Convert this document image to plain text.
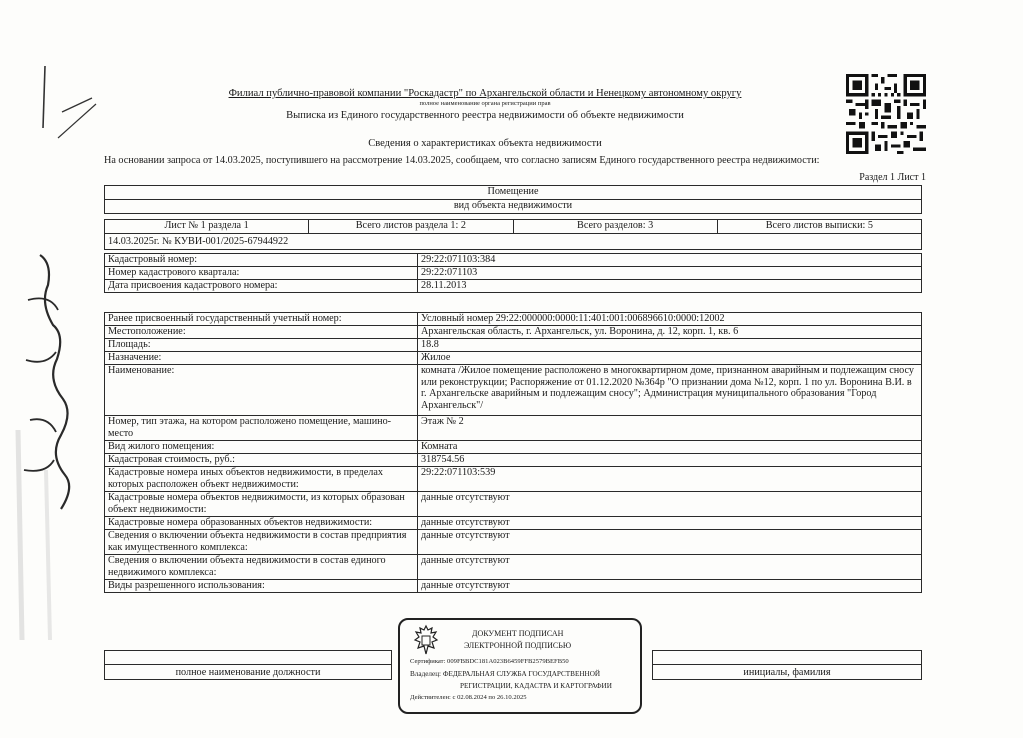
Филиал публично-правовой компании "Роскадастр" по Архангельской области и Ненецкому автономному округу
полное наименование органа регистрации прав
Выписка из Единого государственного реестра недвижимости об объекте недвижимости
Сведения о характеристиках объекта недвижимости
На основании запроса от 14.03.2025, поступившего на рассмотрение 14.03.2025, сообщаем, что согласно записям Единого государственного реестра недвижимости:
Раздел 1 Лист 1
Помещение
вид объекта недвижимости

Лист № 1 раздела 1	Всего листов раздела 1: 2	Всего разделов: 3	Всего листов выписки: 5
14.03.2025г. № КУВИ-001/2025-67944922
Кадастровый номер:	29:22:071103:384
Номер кадастрового квартала:	29:22:071103
Дата присвоения кадастрового номера:	28.11.2013
Ранее присвоенный государственный учетный номер:	Условный номер 29:22:000000:0000:11:401:001:006896610:0000:12002
Местоположение:	Архангельская область, г. Архангельск, ул. Воронина, д. 12, корп. 1, кв. 6
Площадь:	18.8
Назначение:	Жилое
Наименование:	комната /Жилое помещение расположено в многоквартирном доме, признанном аварийным и подлежащим сносу или реконструкции; Распоряжение от 01.12.2020 №364р "О признании дома №12, корп. 1 по ул. Воронина В.И. в г. Архангельске аварийным и подлежащим сносу"; Администрация муниципального образования "Город Архангельск"/
Номер, тип этажа, на котором расположено помещение, машино-место	Этаж № 2
Вид жилого помещения:	Комната
Кадастровая стоимость, руб.:	318754.56
Кадастровые номера иных объектов недвижимости, в пределах которых расположен объект недвижимости:	29:22:071103:539
Кадастровые номера объектов недвижимости, из которых образован объект недвижимости:	данные отсутствуют
Кадастровые номера образованных объектов недвижимости:	данные отсутствуют
Сведения о включении объекта недвижимости в состав предприятия как имущественного комплекса:	данные отсутствуют
Сведения о включении объекта недвижимости в состав единого недвижимого комплекса:	данные отсутствуют
Виды разрешенного использования:	данные отсутствуют

полное наименование должности		инициалы, фамилия
ДОКУМЕНТ ПОДПИСАН
ЭЛЕКТРОННОЙ ПОДПИСЬЮ
Сертификат: 009FBBDC181A023B6459FFB2579BEFB50
Владелец: ФЕДЕРАЛЬНАЯ СЛУЖБА ГОСУДАРСТВЕННОЙ
РЕГИСТРАЦИИ, КАДАСТРА И КАРТОГРАФИИ
Действителен: с 02.08.2024 по 26.10.2025
